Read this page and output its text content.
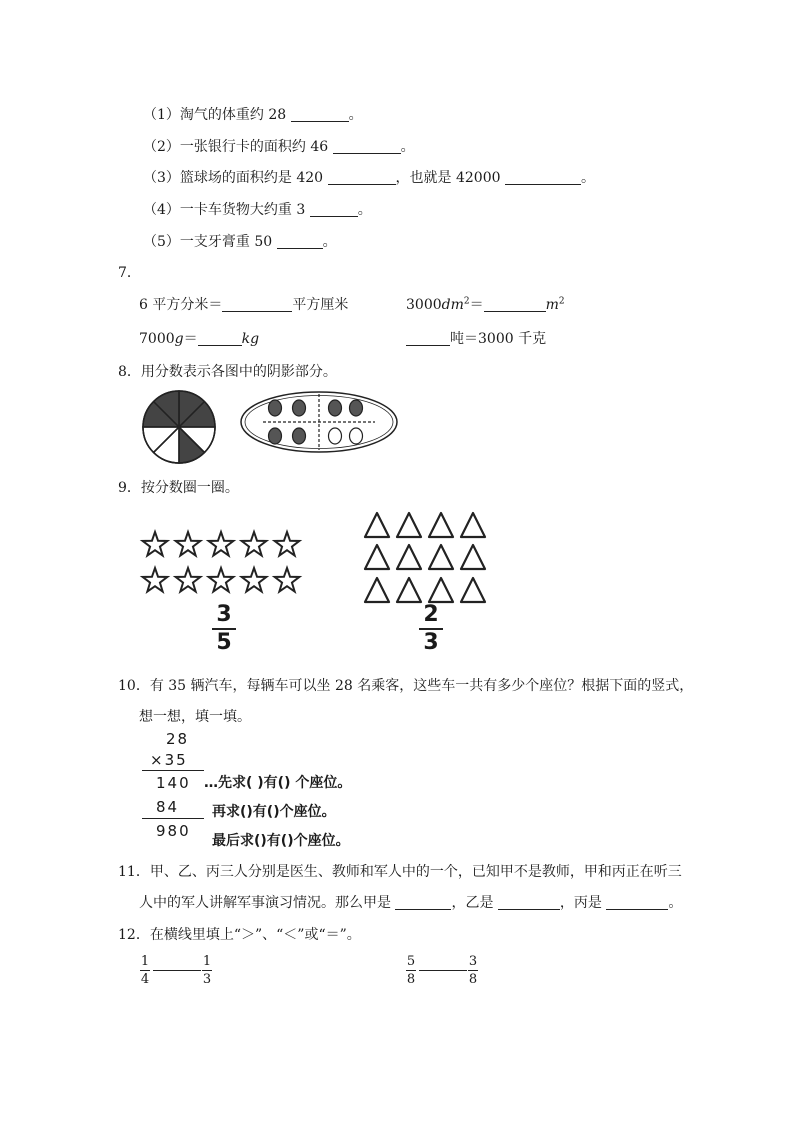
（1）淘气的体重约 28	。
（2）一张银行卡的面积约 46	。
（3）篮球场的面积约是 420	，也就是 42000	。
（4）一卡车货物大约重 3	。
（5）一支牙膏重 50	。
7．
6 平方分米＝	平方厘米	$3000dm^2=$	$m^2$
7000g＝	kg	吨＝3000 千克
8．用分数表示各图中的阴影部分。
9．按分数圈一圈。
3
5
2
3
10．有 35 辆汽车，每辆车可以坐 28 名乘客，这些车一共有多少个座位？根据下面的竖式，
想一想，填一填。
28
×35
140
84
980
…先求( )有() 个座位。
再求()有()个座位。
最后求()有()个座位。
11．甲、乙、丙三人分别是医生、教师和军人中的一个，已知甲不是教师，甲和丙正在听三
人中的军人讲解军事演习情况。那么甲是	，乙是	，丙是	。
12．在横线里填上“＞”、“＜”或“＝”。
1
4
1
3
5
8
3
8
